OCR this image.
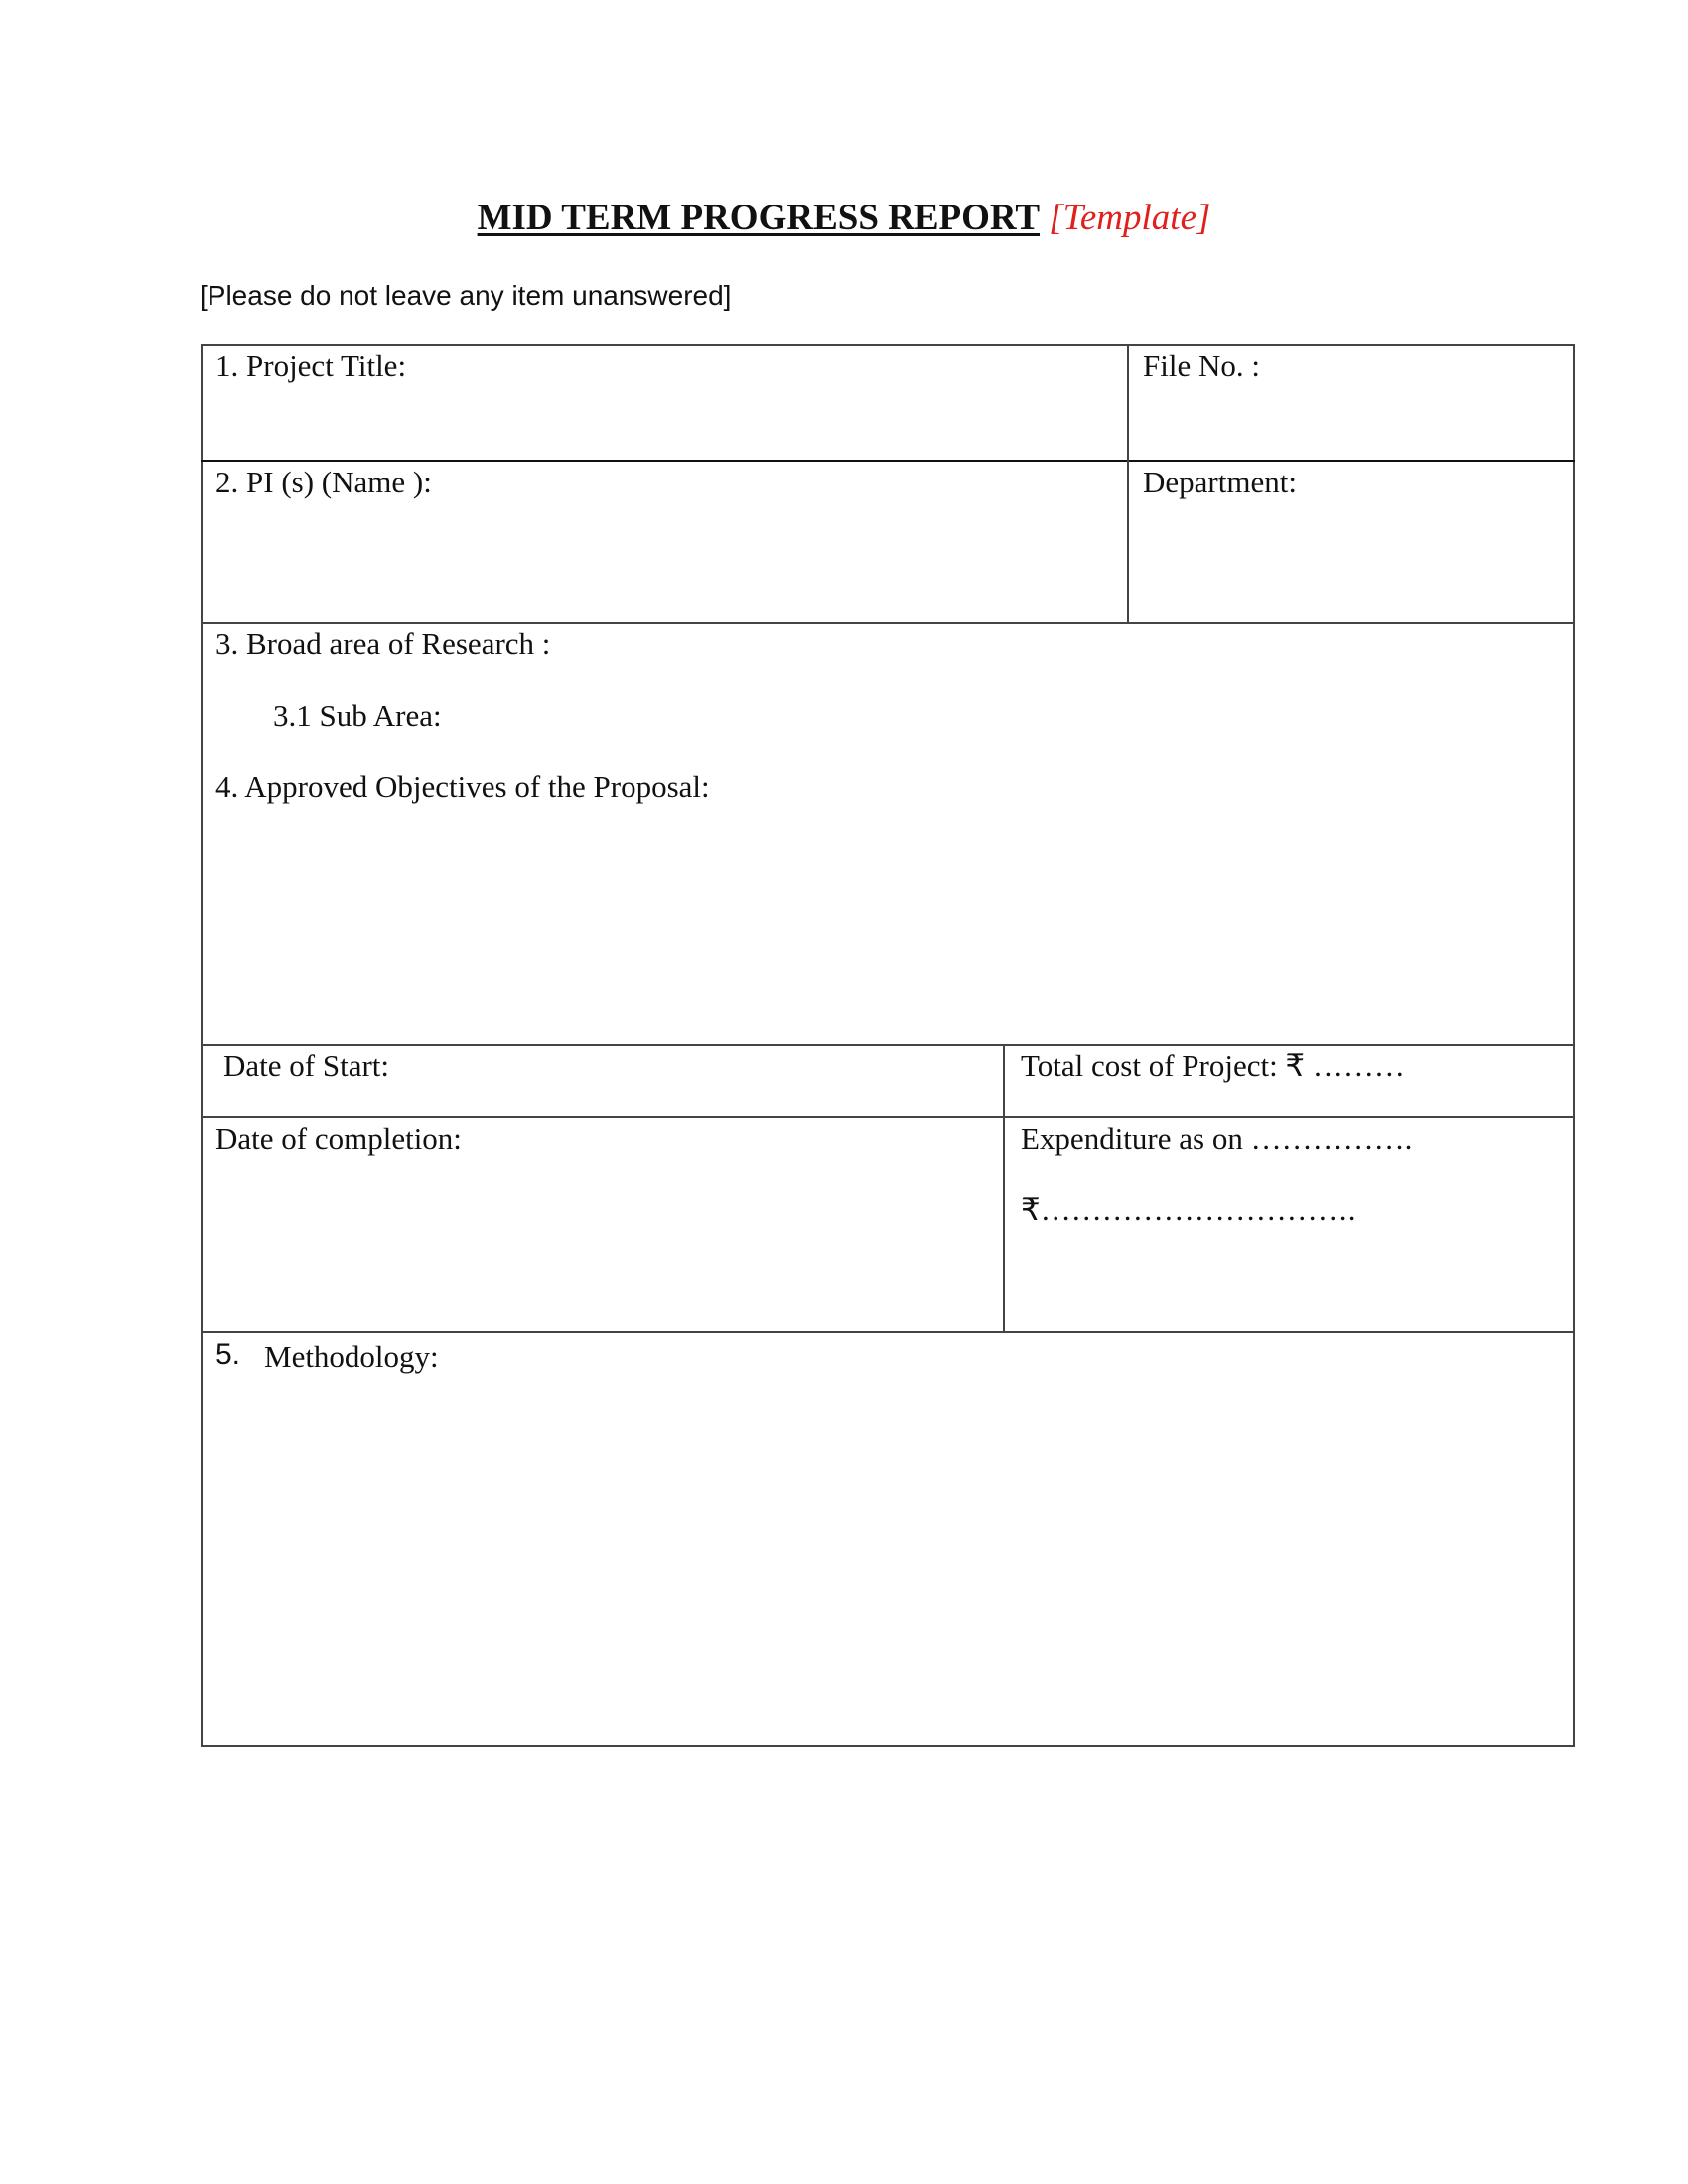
MID TERM PROGRESS REPORT [Template]
[Please do not leave any item unanswered]
1. Project Title:	File No. :
2. PI (s) (Name ):	Department:
3. Broad area of Research :
3.1 Sub Area:
4. Approved Objectives of the Proposal:
Date of Start:	Total cost of Project: ₹ ………
Date of completion:	Expenditure as on …………….
₹………………………….
5. Methodology:
